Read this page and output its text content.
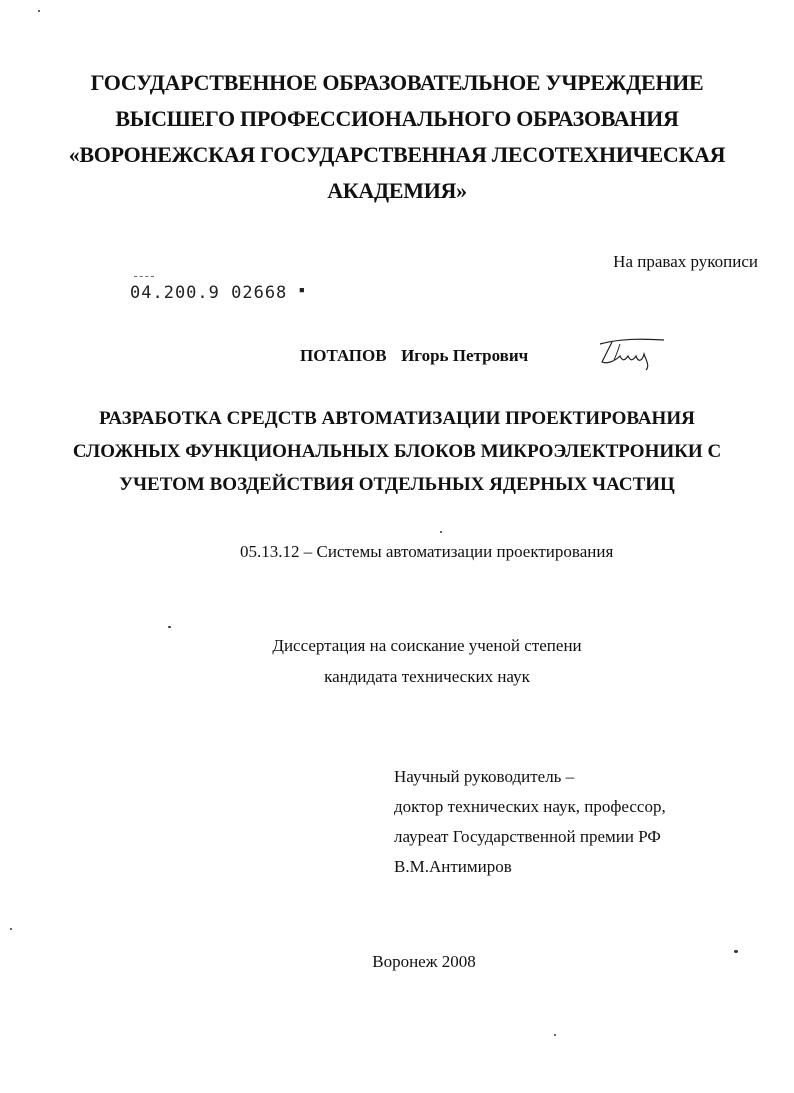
ГОСУДАРСТВЕННОЕ ОБРАЗОВАТЕЛЬНОЕ УЧРЕЖДЕНИЕ
ВЫСШЕГО ПРОФЕССИОНАЛЬНОГО ОБРАЗОВАНИЯ
«ВОРОНЕЖСКАЯ ГОСУДАРСТВЕННАЯ ЛЕСОТЕХНИЧЕСКАЯ
АКАДЕМИЯ»
На правах рукописи
04.200.9 02668 ▪
ПОТАПОВ Игорь Петрович
РАЗРАБОТКА СРЕДСТВ АВТОМАТИЗАЦИИ ПРОЕКТИРОВАНИЯ
СЛОЖНЫХ ФУНКЦИОНАЛЬНЫХ БЛОКОВ МИКРОЭЛЕКТРОНИКИ С
УЧЕТОМ ВОЗДЕЙСТВИЯ ОТДЕЛЬНЫХ ЯДЕРНЫХ ЧАСТИЦ
05.13.12 – Системы автоматизации проектирования
Диссертация на соискание ученой степени
кандидата технических наук
Научный руководитель –
доктор технических наук, профессор,
лауреат Государственной премии РФ
В.М.Антимиров
Воронеж 2008
